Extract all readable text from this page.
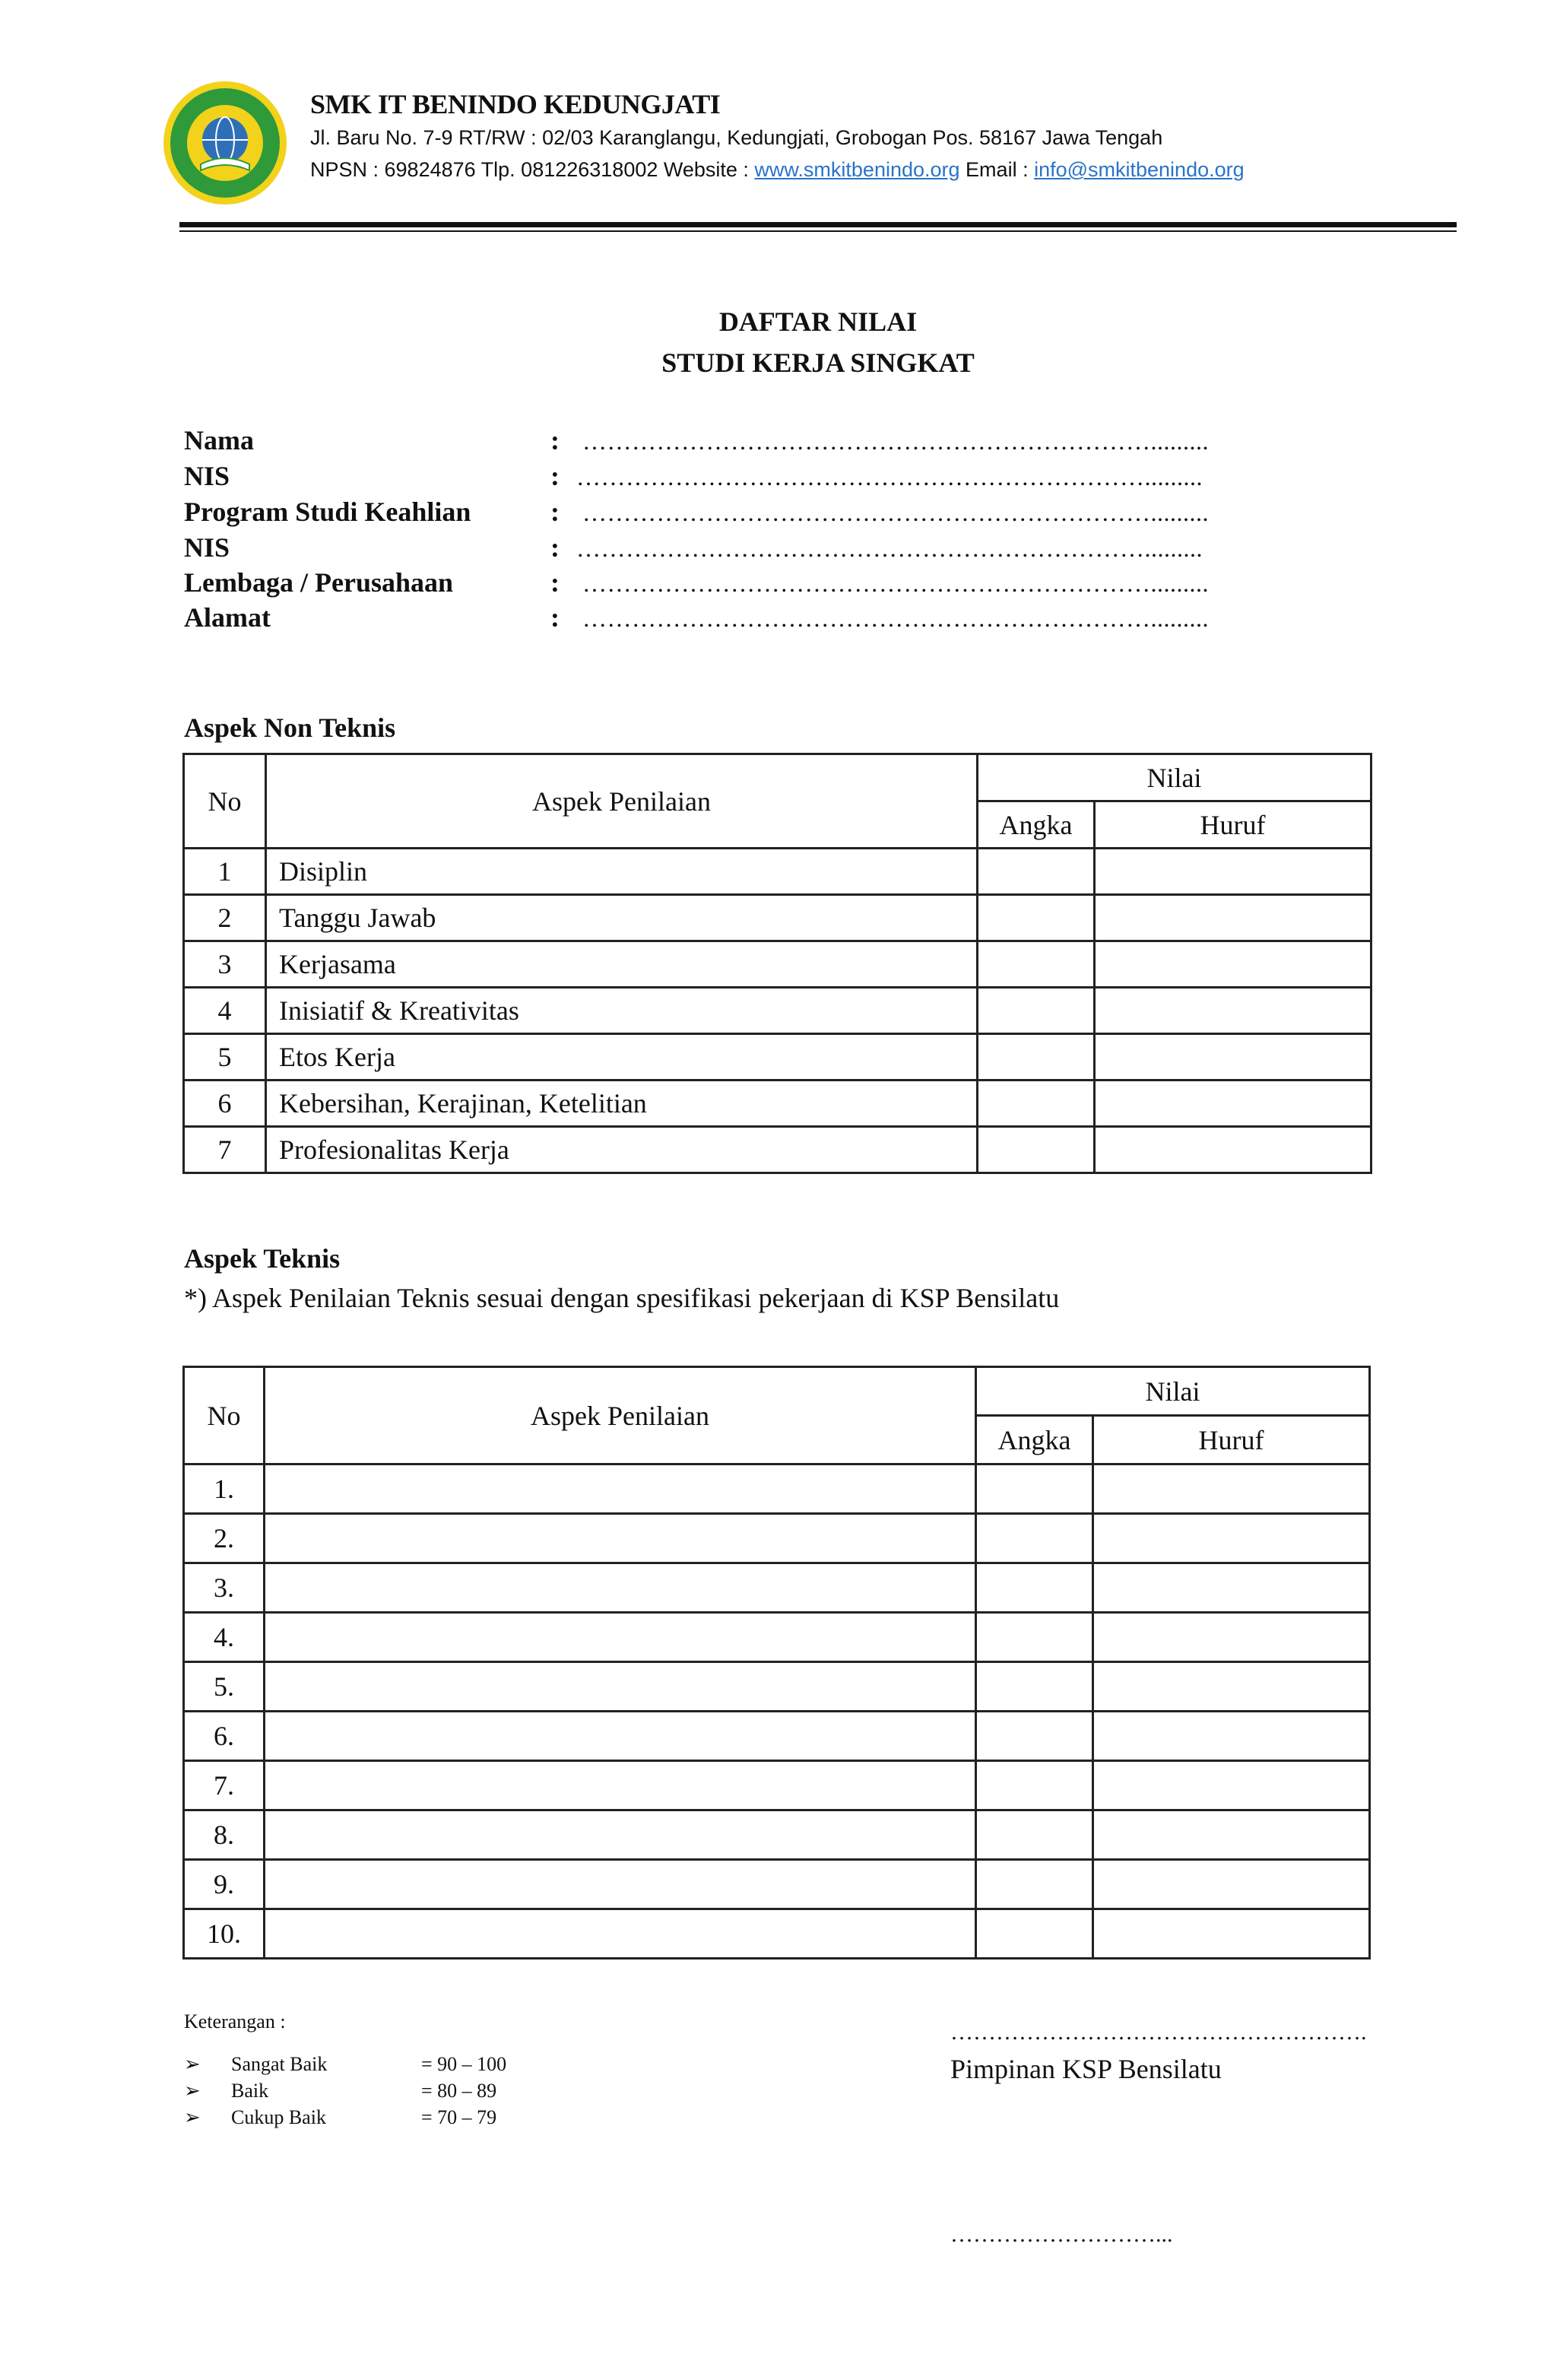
SMK IT BENINDO KEDUNGJATI
Jl. Baru No. 7-9 RT/RW : 02/03 Karanglangu, Kedungjati, Grobogan Pos. 58167 Jawa Tengah
NPSN : 69824876 Tlp. 081226318002 Website : www.smkitbenindo.org Email : info@smkitbenindo.org
DAFTAR NILAI
STUDI KERJA SINGKAT
Nama	: …………………………………………………………….........
NIS	: …………………………………………………………….........
Program Studi Keahlian	: …………………………………………………………….........
NIS	: …………………………………………………………….........
Lembaga / Perusahaan	: …………………………………………………………….........
Alamat	: …………………………………………………………….........
Aspek Non Teknis
No	Aspek Penilaian	Nilai	
		Angka	Huruf
1	Disiplin		
2	Tanggu Jawab		
3	Kerjasama		
4	Inisiatif & Kreativitas		
5	Etos Kerja		
6	Kebersihan, Kerajinan, Ketelitian		
7	Profesionalitas Kerja		
Aspek Teknis
*) Aspek Penilaian Teknis sesuai dengan spesifikasi pekerjaan di KSP Bensilatu
No	Aspek Penilaian	Nilai	
		Angka	Huruf
1.			
2.			
3.			
4.			
5.			
6.			
7.			
8.			
9.			
10.			
Keterangan :
➢ Sangat Baik	= 90 – 100
➢ Baik	= 80 – 89
➢ Cukup Baik	= 70 – 79
……………………………………………….
Pimpinan KSP Bensilatu
………………………...
